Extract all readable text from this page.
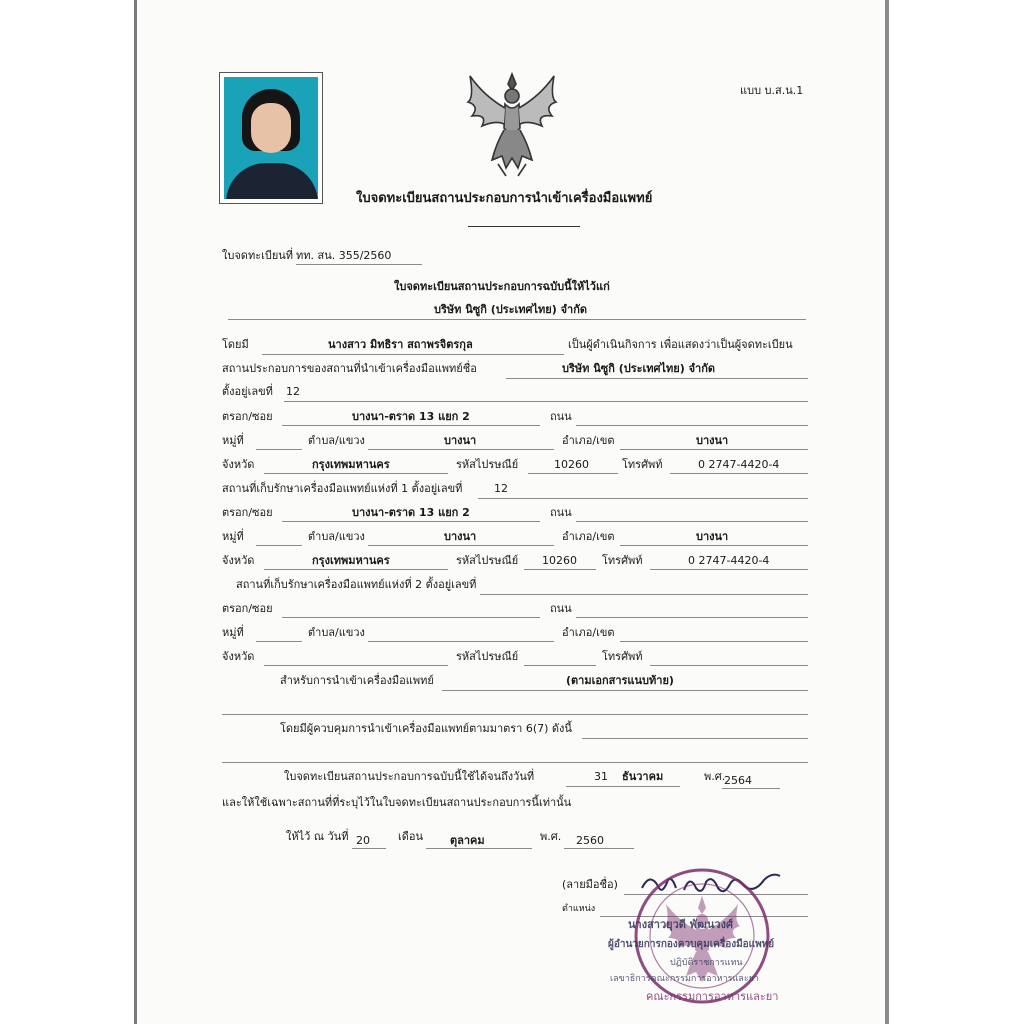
แบบ บ.ส.น.1
ใบจดทะเบียนสถานประกอบการนำเข้าเครื่องมือแพทย์
ใบจดทะเบียนที่ ทท. สน. 355/2560
ใบจดทะเบียนสถานประกอบการฉบับนี้ให้ไว้แก่
บริษัท นิซูกิ (ประเทศไทย) จำกัด
โดยมี	นางสาว มิทธิรา สถาพรจิตรกุล	เป็นผู้ดำเนินกิจการ เพื่อแสดงว่าเป็นผู้จดทะเบียน
สถานประกอบการของสถานที่นำเข้าเครื่องมือแพทย์ชื่อ	บริษัท นิซูกิ (ประเทศไทย) จำกัด
ตั้งอยู่เลขที่ 12
ตรอก/ซอย	บางนา-ตราด 13 แยก 2	ถนน
หมู่ที่	ตำบล/แขวง	บางนา	อำเภอ/เขต	บางนา
จังหวัด	กรุงเทพมหานคร	รหัสไปรษณีย์	10260	โทรศัพท์	0 2747-4420-4
สถานที่เก็บรักษาเครื่องมือแพทย์แห่งที่ 1 ตั้งอยู่เลขที่	12
ตรอก/ซอย	บางนา-ตราด 13 แยก 2	ถนน
หมู่ที่	ตำบล/แขวง	บางนา	อำเภอ/เขต	บางนา
จังหวัด	กรุงเทพมหานคร	รหัสไปรษณีย์ 10260 โทรศัพท์	0 2747-4420-4
สถานที่เก็บรักษาเครื่องมือแพทย์แห่งที่ 2 ตั้งอยู่เลขที่
ตรอก/ซอย	ถนน
หมู่ที่	ตำบล/แขวง	อำเภอ/เขต
จังหวัด	รหัสไปรษณีย์	โทรศัพท์
สำหรับการนำเข้าเครื่องมือแพทย์	(ตามเอกสารแนบท้าย)
โดยมีผู้ควบคุมการนำเข้าเครื่องมือแพทย์ตามมาตรา 6(7) ดังนี้
ใบจดทะเบียนสถานประกอบการฉบับนี้ใช้ได้จนถึงวันที่	31 ธันวาคม	พ.ศ.
2564
และให้ใช้เฉพาะสถานที่ที่ระบุไว้ในใบจดทะเบียนสถานประกอบการนี้เท่านั้น
ให้ไว้ ณ วันที่ 20	เดือน ตุลาคม	พ.ศ. 2560
(ลายมือชื่อ)
ตำแหน่ง
นางสาวยุวดี พัฒนวงศ์
ผู้อำนวยการกองควบคุมเครื่องมือแพทย์
ปฏิบัติราชการแทน
เลขาธิการคณะกรรมการอาหารและยา
คณะกรรมการอาหารและยา
